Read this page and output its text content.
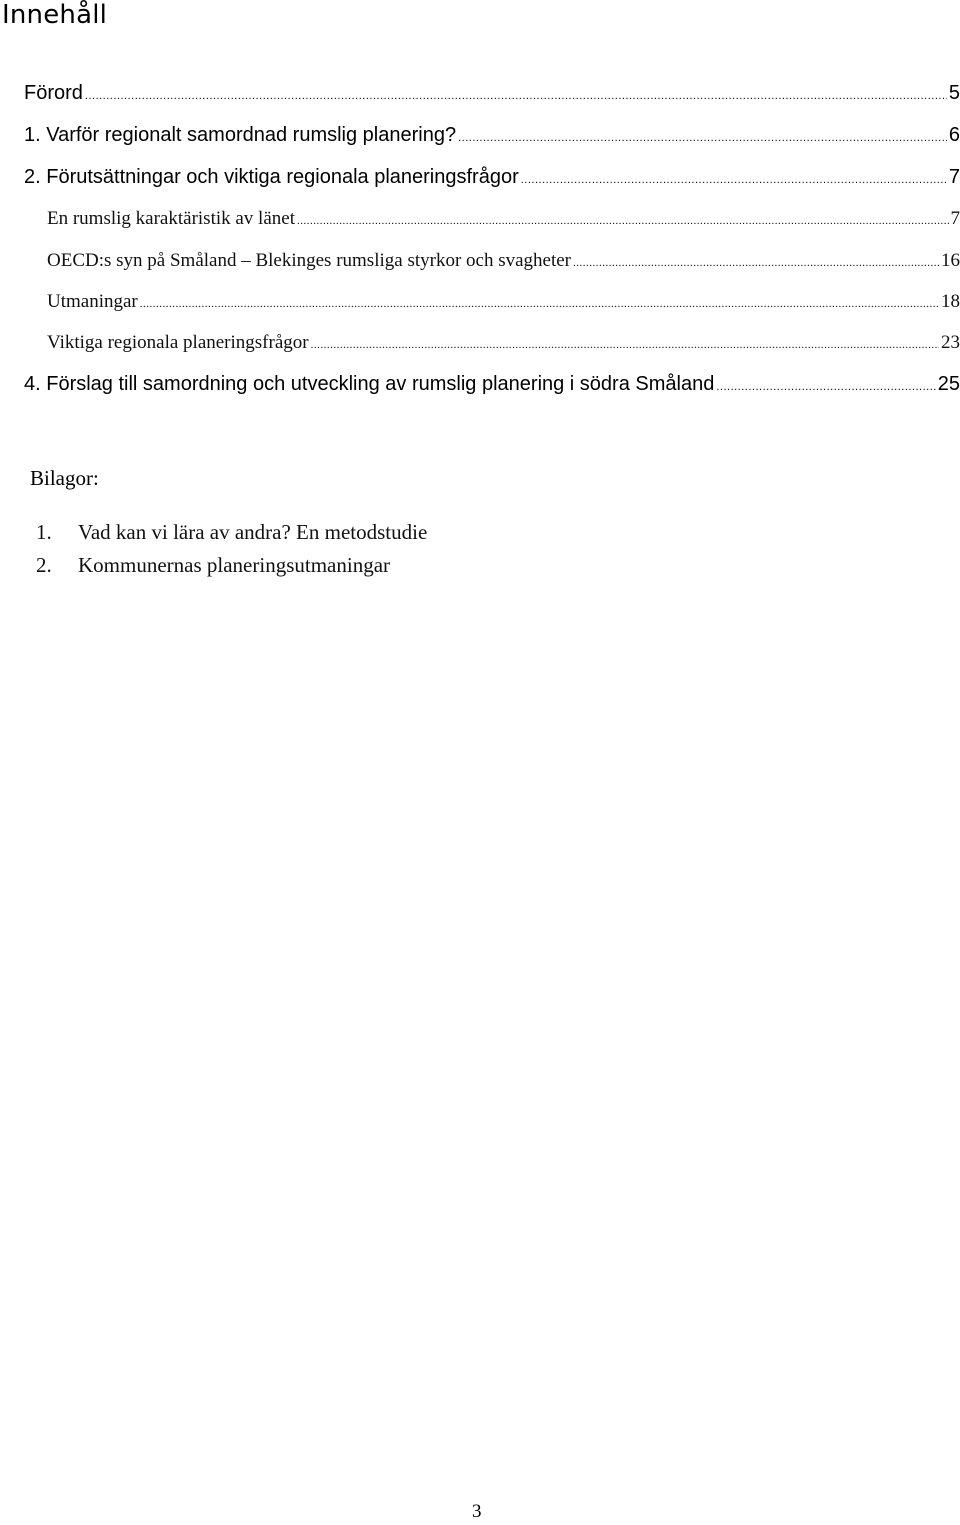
Innehåll
Förord .....	5
1. Varför regionalt samordnad rumslig planering? .....	6
2. Förutsättningar och viktiga regionala planeringsfrågor .....	7
En rumslig karaktäristik av länet .....	7
OECD:s syn på Småland – Blekinges rumsliga styrkor och svagheter .....	16
Utmaningar .....	18
Viktiga regionala planeringsfrågor .....	23
4. Förslag till samordning och utveckling av rumslig planering i södra Småland .....	25
Bilagor:
1. Vad kan vi lära av andra? En metodstudie
2. Kommunernas planeringsutmaningar
3
